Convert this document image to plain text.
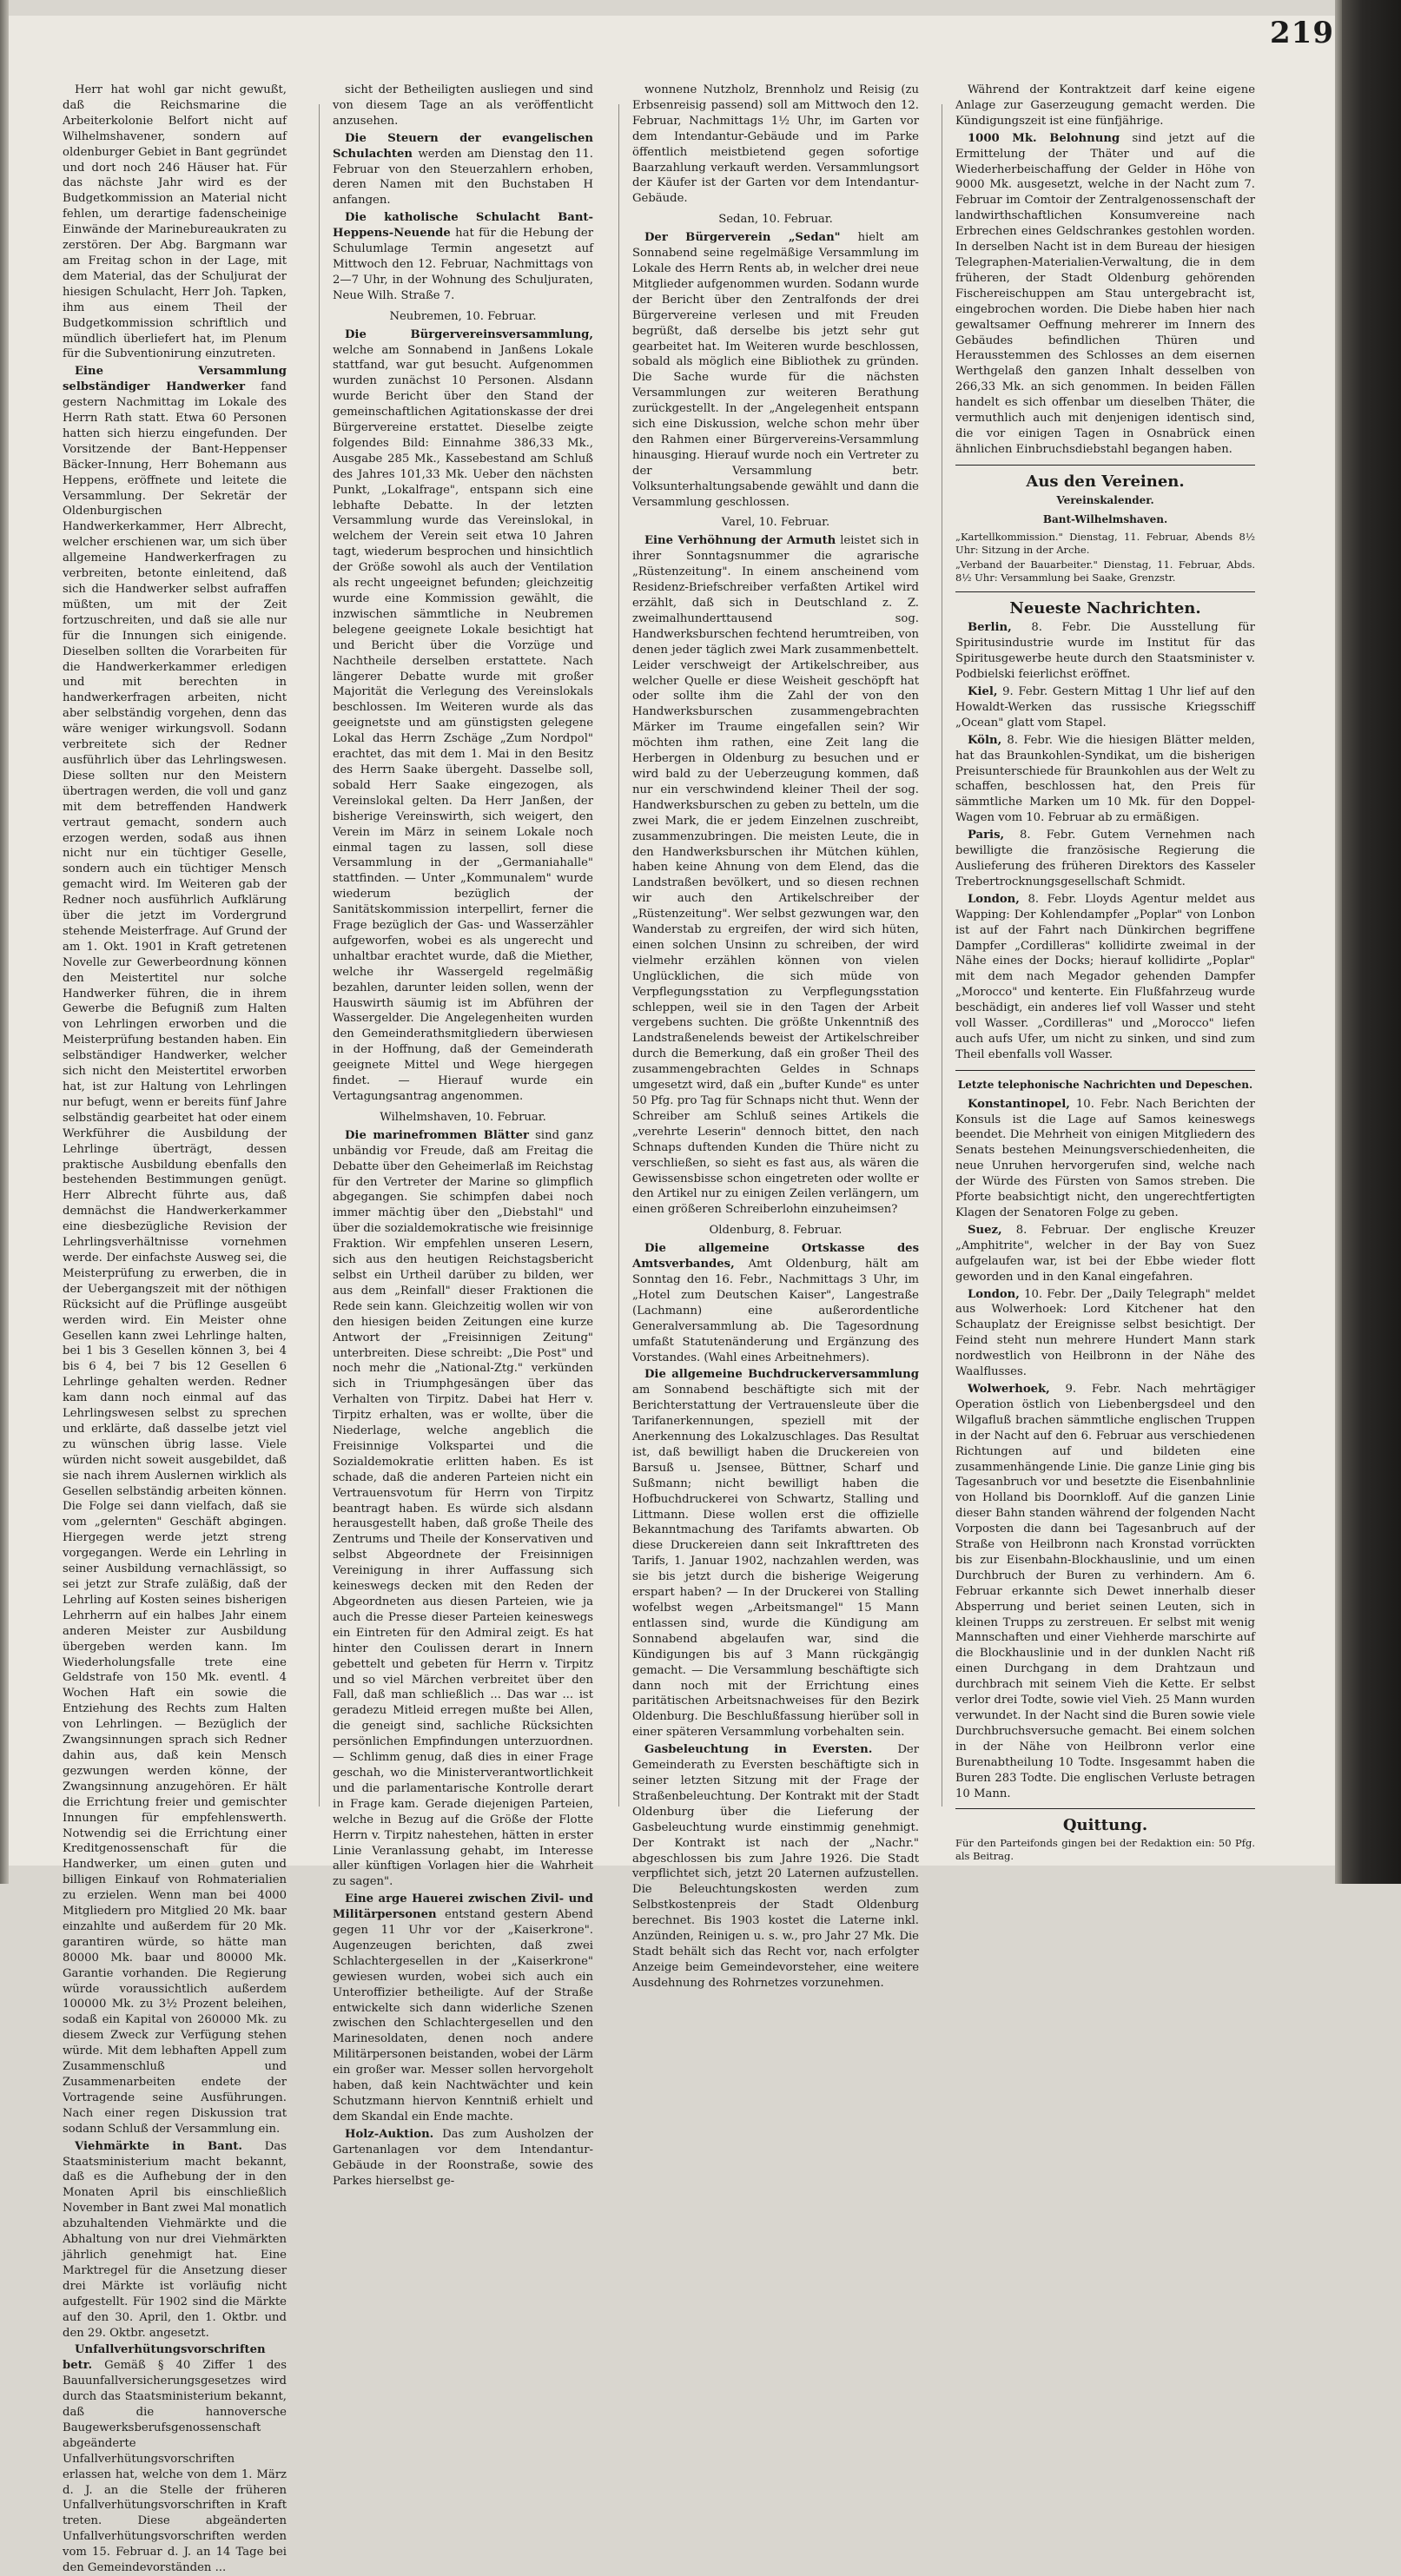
219

Herr hat wohl gar nicht gewußt, daß die Reichsmarine die Arbeiterkolonie Belfort nicht auf Wilhelmshavener, sondern auf oldenburger Gebiet in Bant gegründet und dort noch 246 Häuser hat. Für das nächste Jahr wird es der Budgetkommission an Material nicht fehlen, um derartige fadenscheinige Einwände der Marinebureaukraten zu zerstören. Der Abg. Bargmann war am Freitag schon in der Lage, mit dem Material, das der Schuljurat der hiesigen Schulacht, Herr Joh. Tapken, ihm aus einem Theil der Budgetkommission schriftlich und mündlich überliefert hat, im Plenum für die Subventionirung einzutreten.

Eine Versammlung selbständiger Handwerker fand gestern Nachmittag im Lokale des Herrn Rath statt. Etwa 60 Personen hatten sich hierzu eingefunden. Der Vorsitzende der Bant-Heppenser Bäcker-Innung, Herr Bohemann aus Heppens, eröffnete und leitete die Versammlung. Der Sekretär der Oldenburgischen Handwerkerkammer, Herr Albrecht, welcher erschienen war, um sich über allgemeine Handwerkerfragen zu verbreiten, betonte einleitend, daß sich die Handwerker selbst aufraffen müßten, um mit der Zeit fortzuschreiten, und daß sie alle nur für die Innungen sich einigende. Dieselben sollten die Vorarbeiten für die Handwerkerkammer erledigen und mit berechten in handwerkerfragen arbeiten, nicht aber selbständig vorgehen, denn das wäre weniger wirkungsvoll. Sodann verbreitete sich der Redner ausführlich über das Lehrlingswesen. Diese sollten nur den Meistern übertragen werden, die voll und ganz mit dem betreffenden Handwerk vertraut gemacht, sondern auch erzogen werden, sodaß aus ihnen nicht nur ein tüchtiger Geselle, sondern auch ein tüchtiger Mensch gemacht wird. Im Weiteren gab der Redner noch ausführlich Aufklärung über die jetzt im Vordergrund stehende Meisterfrage. Auf Grund der am 1. Okt. 1901 in Kraft getretenen Novelle zur Gewerbeordnung können den Meistertitel nur solche Handwerker führen, die in ihrem Gewerbe die Befugniß zum Halten von Lehrlingen erworben und die Meisterprüfung bestanden haben. Ein selbständiger Handwerker, welcher sich nicht den Meistertitel erworben hat, ist zur Haltung von Lehrlingen nur befugt, wenn er bereits fünf Jahre selbständig gearbeitet hat oder einem Werkführer die Ausbildung der Lehrlinge überträgt, dessen praktische Ausbildung ebenfalls den bestehenden Bestimmungen genügt. Herr Albrecht führte aus, daß demnächst die Handwerkerkammer eine diesbezügliche Revision der Lehrlingsverhältnisse vornehmen werde. Der einfachste Ausweg sei, die Meisterprüfung zu erwerben, die in der Uebergangszeit mit der nöthigen Rücksicht auf die Prüflinge ausgeübt werden wird. Ein Meister ohne Gesellen kann zwei Lehrlinge halten, bei 1 bis 3 Gesellen können 3, bei 4 bis 6 4, bei 7 bis 12 Gesellen 6 Lehrlinge gehalten werden. Redner kam dann noch einmal auf das Lehrlingswesen selbst zu sprechen und erklärte, daß dasselbe jetzt viel zu wünschen übrig lasse. Viele würden nicht soweit ausgebildet, daß sie nach ihrem Auslernen wirklich als Gesellen selbständig arbeiten können. Die Folge sei dann vielfach, daß sie vom „gelernten" Geschäft abgingen. Hiergegen werde jetzt streng vorgegangen. Werde ein Lehrling in seiner Ausbildung vernachlässigt, so sei jetzt zur Strafe zuläßig, daß der Lehrling auf Kosten seines bisherigen Lehrherrn auf ein halbes Jahr einem anderen Meister zur Ausbildung übergeben werden kann. Im Wiederholungsfalle trete eine Geldstrafe von 150 Mk. eventl. 4 Wochen Haft ein sowie die Entziehung des Rechts zum Halten von Lehrlingen. — Bezüglich der Zwangsinnungen sprach sich Redner dahin aus, daß kein Mensch gezwungen werden könne, der Zwangsinnung anzugehören. Er hält die Errichtung freier und gemischter Innungen für empfehlenswerth. Notwendig sei die Errichtung einer Kreditgenossenschaft für die Handwerker, um einen guten und billigen Einkauf von Rohmaterialien zu erzielen. Wenn man bei 4000 Mitgliedern pro Mitglied 20 Mk. baar einzahlte und außerdem für 20 Mk. garantiren würde, so hätte man 80000 Mk. baar und 80000 Mk. Garantie vorhanden. Die Regierung würde voraussichtlich außerdem 100000 Mk. zu 3½ Prozent beleihen, sodaß ein Kapital von 260000 Mk. zu diesem Zweck zur Verfügung stehen würde. Mit dem lebhaften Appell zum Zusammenschluß und Zusammenarbeiten endete der Vortragende seine Ausführungen. Nach einer regen Diskussion trat sodann Schluß der Versammlung ein.

Viehmärkte in Bant. Das Staatsministerium macht bekannt, daß es die Aufhebung der in den Monaten April bis einschließlich November in Bant zwei Mal monatlich abzuhaltenden Viehmärkte und die Abhaltung von nur drei Viehmärkten jährlich genehmigt hat. Eine Marktregel für die Ansetzung dieser drei Märkte ist vorläufig nicht aufgestellt. Für 1902 sind die Märkte auf den 30. April, den 1. Oktbr. und den 29. Oktbr. angesetzt.

Unfallverhütungsvorschriften betr. Gemäß § 40 Ziffer 1 des Bauunfallversicherungsgesetzes wird durch das Staatsministerium bekannt, daß die hannoversche Baugewerksberufsgenossenschaft abgeänderte Unfallverhütungsvorschriften erlassen hat, welche von dem 1. März d. J. an die Stelle der früheren Unfallverhütungsvorschriften in Kraft treten. Diese abgeänderten Unfallverhütungsvorschriften werden vom 15. Februar d. J. an 14 Tage bei den Gemeindevorständen ...

sicht der Betheiligten ausliegen und sind von diesem Tage an als veröffentlicht anzusehen.

Die Steuern der evangelischen Schulachten werden am Dienstag den 11. Februar von den Steuerzahlern erhoben, deren Namen mit den Buchstaben H anfangen.

Die katholische Schulacht Bant-Heppens-Neuende hat für die Hebung der Schulumlage Termin angesetzt auf Mittwoch den 12. Februar, Nachmittags von 2—7 Uhr, in der Wohnung des Schuljuraten, Neue Wilh. Straße 7.

Neubremen, 10. Februar.

Die Bürgervereinsversammlung, welche am Sonnabend in Janßens Lokale stattfand, war gut besucht. Aufgenommen wurden zunächst 10 Personen. Alsdann wurde Bericht über den Stand der gemeinschaftlichen Agitationskasse der drei Bürgervereine erstattet. Dieselbe zeigte folgendes Bild: Einnahme 386,33 Mk., Ausgabe 285 Mk., Kassebestand am Schluß des Jahres 101,33 Mk. Ueber den nächsten Punkt, „Lokalfrage", entspann sich eine lebhafte Debatte. In der letzten Versammlung wurde das Vereinslokal, in welchem der Verein seit etwa 10 Jahren tagt, wiederum besprochen und hinsichtlich der Größe sowohl als auch der Ventilation als recht ungeeignet befunden; gleichzeitig wurde eine Kommission gewählt, die inzwischen sämmtliche in Neubremen belegene geeignete Lokale besichtigt hat und Bericht über die Vorzüge und Nachtheile derselben erstattete. Nach längerer Debatte wurde mit großer Majorität die Verlegung des Vereinslokals beschlossen. Im Weiteren wurde als das geeignetste und am günstigsten gelegene Lokal das Herrn Zschäge „Zum Nordpol" erachtet, das mit dem 1. Mai in den Besitz des Herrn Saake übergeht. Dasselbe soll, sobald Herr Saake eingezogen, als Vereinslokal gelten. Da Herr Janßen, der bisherige Vereinswirth, sich weigert, den Verein im März in seinem Lokale noch einmal tagen zu lassen, soll diese Versammlung in der „Germaniahalle" stattfinden. — Unter „Kommunalem" wurde wiederum bezüglich der Sanitätskommission interpellirt, ferner die Frage bezüglich der Gas- und Wasserzähler aufgeworfen, wobei es als ungerecht und unhaltbar erachtet wurde, daß die Miether, welche ihr Wassergeld regelmäßig bezahlen, darunter leiden sollen, wenn der Hauswirth säumig ist im Abführen der Wassergelder. Die Angelegenheiten wurden den Gemeinderathsmitgliedern überwiesen in der Hoffnung, daß der Gemeinderath geeignete Mittel und Wege hiergegen findet. — Hierauf wurde ein Vertagungsantrag angenommen.

Wilhelmshaven, 10. Februar.

Die marinefrommen Blätter sind ganz unbändig vor Freude, daß am Freitag die Debatte über den Geheimerlaß im Reichstag für den Vertreter der Marine so glimpflich abgegangen. Sie schimpfen dabei noch immer mächtig über den „Diebstahl" und über die sozialdemokratische wie freisinnige Fraktion. Wir empfehlen unseren Lesern, sich aus den heutigen Reichstagsbericht selbst ein Urtheil darüber zu bilden, wer aus dem „Reinfall" dieser Fraktionen die Rede sein kann. Gleichzeitig wollen wir von den hiesigen beiden Zeitungen eine kurze Antwort der „Freisinnigen Zeitung" unterbreiten. Diese schreibt: „Die Post" und noch mehr die „National-Ztg." verkünden sich in Triumphgesängen über das Verhalten von Tirpitz. Dabei hat Herr v. Tirpitz erhalten, was er wollte, über die Niederlage, welche angeblich die Freisinnige Volkspartei und die Sozialdemokratie erlitten haben. Es ist schade, daß die anderen Parteien nicht ein Vertrauensvotum für Herrn von Tirpitz beantragt haben. Es würde sich alsdann herausgestellt haben, daß große Theile des Zentrums und Theile der Konservativen und selbst Abgeordnete der Freisinnigen Vereinigung in ihrer Auffassung sich keineswegs decken mit den Reden der Abgeordneten aus diesen Parteien, wie ja auch die Presse dieser Parteien keineswegs ein Eintreten für den Admiral zeigt. Es hat hinter den Coulissen derart in Innern gebettelt und gebeten für Herrn v. Tirpitz und so viel Märchen verbreitet über den Fall, daß man schließlich ... Das war ... ist geradezu Mitleid erregen mußte bei Allen, die geneigt sind, sachliche Rücksichten persönlichen Empfindungen unterzuordnen. — Schlimm genug, daß dies in einer Frage geschah, wo die Ministerverantwortlichkeit und die parlamentarische Kontrolle derart in Frage kam. Gerade diejenigen Parteien, welche in Bezug auf die Größe der Flotte Herrn v. Tirpitz nahestehen, hätten in erster Linie Veranlassung gehabt, im Interesse aller künftigen Vorlagen hier die Wahrheit zu sagen".

Eine arge Hauerei zwischen Zivil- und Militärpersonen entstand gestern Abend gegen 11 Uhr vor der „Kaiserkrone". Augenzeugen berichten, daß zwei Schlachtergesellen in der „Kaiserkrone" gewiesen wurden, wobei sich auch ein Unteroffizier betheiligte. Auf der Straße entwickelte sich dann widerliche Szenen zwischen den Schlachtergesellen und den Marinesoldaten, denen noch andere Militärpersonen beistanden, wobei der Lärm ein großer war. Messer sollen hervorgeholt haben, daß kein Nachtwächter und kein Schutzmann hiervon Kenntniß erhielt und dem Skandal ein Ende machte.

Holz-Auktion. Das zum Ausholzen der Gartenanlagen vor dem Intendantur-Gebäude in der Roonstraße, sowie des Parkes hierselbst ge-

wonnene Nutzholz, Brennholz und Reisig (zu Erbsenreisig passend) soll am Mittwoch den 12. Februar, Nachmittags 1½ Uhr, im Garten vor dem Intendantur-Gebäude und im Parke öffentlich meistbietend gegen sofortige Baarzahlung verkauft werden. Versammlungsort der Käufer ist der Garten vor dem Intendantur-Gebäude.

Sedan, 10. Februar.

Der Bürgerverein „Sedan" hielt am Sonnabend seine regelmäßige Versammlung im Lokale des Herrn Rents ab, in welcher drei neue Mitglieder aufgenommen wurden. Sodann wurde der Bericht über den Zentralfonds der drei Bürgervereine verlesen und mit Freuden begrüßt, daß derselbe bis jetzt sehr gut gearbeitet hat. Im Weiteren wurde beschlossen, sobald als möglich eine Bibliothek zu gründen. Die Sache wurde für die nächsten Versammlungen zur weiteren Berathung zurückgestellt. In der „Angelegenheit entspann sich eine Diskussion, welche schon mehr über den Rahmen einer Bürgervereins-Versammlung hinausging. Hierauf wurde noch ein Vertreter zu der Versammlung betr. Volksunterhaltungsabende gewählt und dann die Versammlung geschlossen.

Varel, 10. Februar.

Eine Verhöhnung der Armuth leistet sich in ihrer Sonntagsnummer die agrarische „Rüstenzeitung". In einem anscheinend vom Residenz-Briefschreiber verfaßten Artikel wird erzählt, daß sich in Deutschland z. Z. zweimalhunderttausend sog. Handwerksburschen fechtend herumtreiben, von denen jeder täglich zwei Mark zusammenbettelt. Leider verschweigt der Artikelschreiber, aus welcher Quelle er diese Weisheit geschöpft hat oder sollte ihm die Zahl der von den Handwerksburschen zusammengebrachten Märker im Traume eingefallen sein? Wir möchten ihm rathen, eine Zeit lang die Herbergen in Oldenburg zu besuchen und er wird bald zu der Ueberzeugung kommen, daß nur ein verschwindend kleiner Theil der sog. Handwerksburschen zu geben zu betteln, um die zwei Mark, die er jedem Einzelnen zuschreibt, zusammenzubringen. Die meisten Leute, die in den Handwerksburschen ihr Mütchen kühlen, haben keine Ahnung von dem Elend, das die Landstraßen bevölkert, und so diesen rechnen wir auch den Artikelschreiber der „Rüstenzeitung". Wer selbst gezwungen war, den Wanderstab zu ergreifen, der wird sich hüten, einen solchen Unsinn zu schreiben, der wird vielmehr erzählen können von vielen Unglücklichen, die sich müde von Verpflegungsstation zu Verpflegungsstation schleppen, weil sie in den Tagen der Arbeit vergebens suchten. Die größte Unkenntniß des Landstraßenelends beweist der Artikelschreiber durch die Bemerkung, daß ein großer Theil des zusammengebrachten Geldes in Schnaps umgesetzt wird, daß ein „bufter Kunde" es unter 50 Pfg. pro Tag für Schnaps nicht thut. Wenn der Schreiber am Schluß seines Artikels die „verehrte Leserin" dennoch bittet, den nach Schnaps duftenden Kunden die Thüre nicht zu verschließen, so sieht es fast aus, als wären die Gewissensbisse schon eingetreten oder wollte er den Artikel nur zu einigen Zeilen verlängern, um einen größeren Schreiberlohn einzuheimsen?

Oldenburg, 8. Februar.

Die allgemeine Ortskasse des Amtsverbandes, Amt Oldenburg, hält am Sonntag den 16. Febr., Nachmittags 3 Uhr, im „Hotel zum Deutschen Kaiser", Langestraße (Lachmann) eine außerordentliche Generalversammlung ab. Die Tagesordnung umfaßt Statutenänderung und Ergänzung des Vorstandes. (Wahl eines Arbeitnehmers).

Die allgemeine Buchdruckerversammlung am Sonnabend beschäftigte sich mit der Berichterstattung der Vertrauensleute über die Tarifanerkennungen, speziell mit der Anerkennung des Lokalzuschlages. Das Resultat ist, daß bewilligt haben die Druckereien von Barsuß u. Jsensee, Büttner, Scharf und Sußmann; nicht bewilligt haben die Hofbuchdruckerei von Schwartz, Stalling und Littmann. Diese wollen erst die offizielle Bekanntmachung des Tarifamts abwarten. Ob diese Druckereien dann seit Inkrafttreten des Tarifs, 1. Januar 1902, nachzahlen werden, was sie bis jetzt durch die bisherige Weigerung erspart haben? — In der Druckerei von Stalling wofelbst wegen „Arbeitsmangel" 15 Mann entlassen sind, wurde die Kündigung am Sonnabend abgelaufen war, sind die Kündigungen bis auf 3 Mann rückgängig gemacht. — Die Versammlung beschäftigte sich dann noch mit der Errichtung eines paritätischen Arbeitsnachweises für den Bezirk Oldenburg. Die Beschlußfassung hierüber soll in einer späteren Versammlung vorbehalten sein.

Gasbeleuchtung in Eversten. Der Gemeinderath zu Eversten beschäftigte sich in seiner letzten Sitzung mit der Frage der Straßenbeleuchtung. Der Kontrakt mit der Stadt Oldenburg über die Lieferung der Gasbeleuchtung wurde einstimmig genehmigt. Der Kontrakt ist nach der „Nachr." abgeschlossen bis zum Jahre 1926. Die Stadt verpflichtet sich, jetzt 20 Laternen aufzustellen. Die Beleuchtungskosten werden zum Selbstkostenpreis der Stadt Oldenburg berechnet. Bis 1903 kostet die Laterne inkl. Anzünden, Reinigen u. s. w., pro Jahr 27 Mk. Die Stadt behält sich das Recht vor, nach erfolgter Anzeige beim Gemeindevorsteher, eine weitere Ausdehnung des Rohrnetzes vorzunehmen.

Während der Kontraktzeit darf keine eigene Anlage zur Gaserzeugung gemacht werden. Die Kündigungszeit ist eine fünfjährige.

1000 Mk. Belohnung sind jetzt auf die Ermittelung der Thäter und auf die Wiederherbeischaffung der Gelder in Höhe von 9000 Mk. ausgesetzt, welche in der Nacht zum 7. Februar im Comtoir der Zentralgenossenschaft der landwirthschaftlichen Konsumvereine nach Erbrechen eines Geldschrankes gestohlen worden. In derselben Nacht ist in dem Bureau der hiesigen Telegraphen-Materialien-Verwaltung, die in dem früheren, der Stadt Oldenburg gehörenden Fischereischuppen am Stau untergebracht ist, eingebrochen worden. Die Diebe haben hier nach gewaltsamer Oeffnung mehrerer im Innern des Gebäudes befindlichen Thüren und Herausstemmen des Schlosses an dem eisernen Werthgelaß den ganzen Inhalt desselben von 266,33 Mk. an sich genommen. In beiden Fällen handelt es sich offenbar um dieselben Thäter, die vermuthlich auch mit denjenigen identisch sind, die vor einigen Tagen in Osnabrück einen ähnlichen Einbruchsdiebstahl begangen haben.

Aus den Vereinen.

Vereinskalender.

Bant-Wilhelmshaven.

„Kartellkommission." Dienstag, 11. Februar, Abends 8½ Uhr: Sitzung in der Arche.

„Verband der Bauarbeiter." Dienstag, 11. Februar, Abds. 8½ Uhr: Versammlung bei Saake, Grenzstr.

Neueste Nachrichten.

Berlin, 8. Febr. Die Ausstellung für Spiritusindustrie wurde im Institut für das Spiritusgewerbe heute durch den Staatsminister v. Podbielski feierlichst eröffnet.

Kiel, 9. Febr. Gestern Mittag 1 Uhr lief auf den Howaldt-Werken das russische Kriegsschiff „Ocean" glatt vom Stapel.

Köln, 8. Febr. Wie die hiesigen Blätter melden, hat das Braunkohlen-Syndikat, um die bisherigen Preisunterschiede für Braunkohlen aus der Welt zu schaffen, beschlossen hat, den Preis für sämmtliche Marken um 10 Mk. für den Doppel-Wagen vom 10. Februar ab zu ermäßigen.

Paris, 8. Febr. Gutem Vernehmen nach bewilligte die französische Regierung die Auslieferung des früheren Direktors des Kasseler Trebertrocknungsgesellschaft Schmidt.

London, 8. Febr. Lloyds Agentur meldet aus Wapping: Der Kohlendampfer „Poplar" von Lonbon ist auf der Fahrt nach Dünkirchen begriffene Dampfer „Cordilleras" kollidirte zweimal in der Nähe eines der Docks; hierauf kollidirte „Poplar" mit dem nach Megador gehenden Dampfer „Morocco" und kenterte. Ein Flußfahrzeug wurde beschädigt, ein anderes lief voll Wasser und steht voll Wasser. „Cordilleras" und „Morocco" liefen auch aufs Ufer, um nicht zu sinken, und sind zum Theil ebenfalls voll Wasser.

Letzte telephonische Nachrichten und Depeschen.

Konstantinopel, 10. Febr. Nach Berichten der Konsuls ist die Lage auf Samos keineswegs beendet. Die Mehrheit von einigen Mitgliedern des Senats bestehen Meinungsverschiedenheiten, die neue Unruhen hervorgerufen sind, welche nach der Würde des Fürsten von Samos streben. Die Pforte beabsichtigt nicht, den ungerechtfertigten Klagen der Senatoren Folge zu geben.

Suez, 8. Februar. Der englische Kreuzer „Amphitrite", welcher in der Bay von Suez aufgelaufen war, ist bei der Ebbe wieder flott geworden und in den Kanal eingefahren.

London, 10. Febr. Der „Daily Telegraph" meldet aus Wolwerhoek: Lord Kitchener hat den Schauplatz der Ereignisse selbst besichtigt. Der Feind steht nun mehrere Hundert Mann stark nordwestlich von Heilbronn in der Nähe des Waalflusses.

Wolwerhoek, 9. Febr. Nach mehrtägiger Operation östlich von Liebenbergsdeel und den Wilgafluß brachen sämmtliche englischen Truppen in der Nacht auf den 6. Februar aus verschiedenen Richtungen auf und bildeten eine zusammenhängende Linie. Die ganze Linie ging bis Tagesanbruch vor und besetzte die Eisenbahnlinie von Holland bis Doornkloff. Auf die ganzen Linie dieser Bahn standen während der folgenden Nacht Vorposten die dann bei Tagesanbruch auf der Straße von Heilbronn nach Kronstad vorrückten bis zur Eisenbahn-Blockhauslinie, und um einen Durchbruch der Buren zu verhindern. Am 6. Februar erkannte sich Dewet innerhalb dieser Absperrung und beriet seinen Leuten, sich in kleinen Trupps zu zerstreuen. Er selbst mit wenig Mannschaften und einer Viehherde marschirte auf die Blockhauslinie und in der dunklen Nacht riß einen Durchgang in dem Drahtzaun und durchbrach mit seinem Vieh die Kette. Er selbst verlor drei Todte, sowie viel Vieh. 25 Mann wurden verwundet. In der Nacht sind die Buren sowie viele Durchbruchsversuche gemacht. Bei einem solchen in der Nähe von Heilbronn verlor eine Burenabtheilung 10 Todte. Insgesammt haben die Buren 283 Todte. Die englischen Verluste betragen 10 Mann.

Quittung.

Für den Parteifonds gingen bei der Redaktion ein: 50 Pfg. als Beitrag.
